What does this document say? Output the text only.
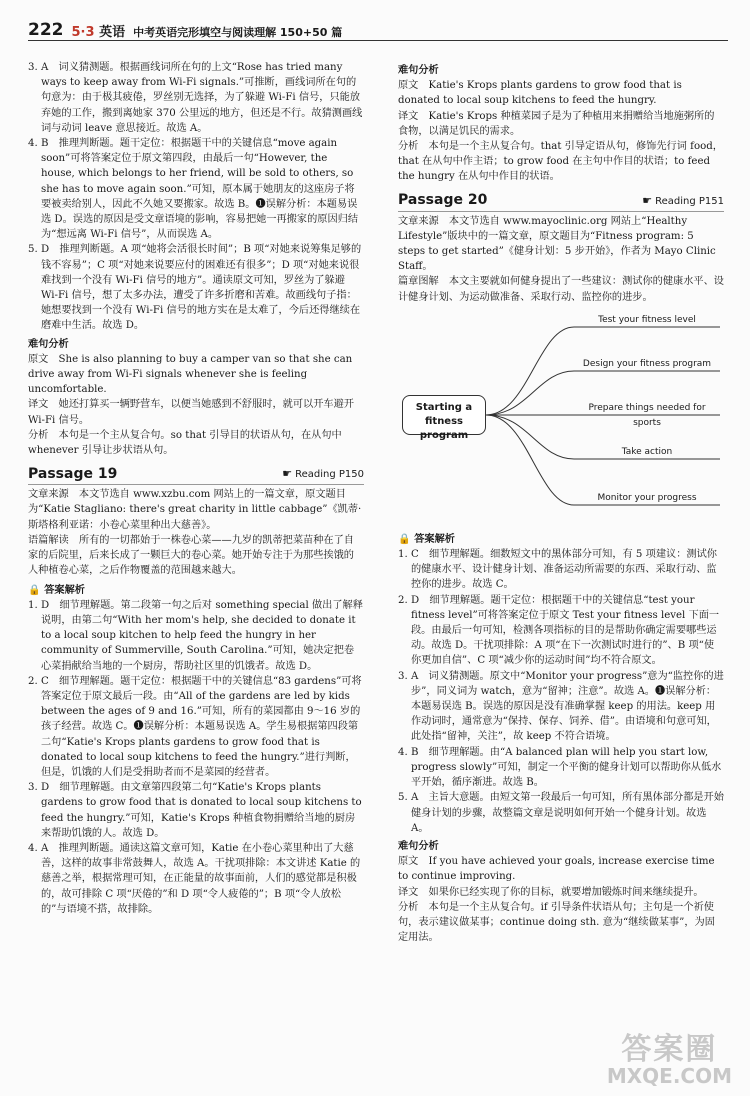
222 5·3 英语 中考英语完形填空与阅读理解 150+50 篇

3. A　词义猜测题。根据画线词所在句的上文“Rose has tried many ways to keep away from Wi-Fi signals.”可推断，画线词所在句的句意为：由于极其疲倦，罗丝别无选择，为了躲避 Wi-Fi 信号，只能放弃她的工作，搬到离她家 370 公里远的地方，但还是不行。故猜测画线词与动词 leave 意思接近。故选 A。

4. B　推理判断题。题干定位：根据题干中的关键信息“move again soon”可将答案定位于原文第四段，由最后一句“However, the house, which belongs to her friend, will be sold to others, so she has to move again soon.”可知，原本属于她朋友的这座房子将要被卖给别人，因此不久她又要搬家。故选 B。❶误解分析：本题易误选 D。误选的原因是受文章语境的影响，容易把她一再搬家的原因归结为“想远离 Wi-Fi 信号”，从而误选 A。

5. D　推理判断题。A 项“她将会活很长时间”；B 项“对她来说筹集足够的钱不容易”；C 项“对她来说要应付的困难还有很多”；D 项“对她来说很难找到一个没有 Wi-Fi 信号的地方”。通读原文可知，罗丝为了躲避 Wi-Fi 信号，想了太多办法，遭受了许多折磨和苦难。故画线句子指：她想要找到一个没有 Wi-Fi 信号的地方实在是太难了，今后还得继续在磨难中生活。故选 D。

难句分析

原文　She is also planning to buy a camper van so that she can drive away from Wi-Fi signals whenever she is feeling uncomfortable.

译文　她还打算买一辆野营车，以便当她感到不舒服时，就可以开车避开 Wi-Fi 信号。

分析　本句是一个主从复合句。so that 引导目的状语从句，在从句中 whenever 引导让步状语从句。

Passage 19	☛ Reading P150

文章来源　本文节选自 www.xzbu.com 网站上的一篇文章，原文题目为“Katie Stagliano: there's great charity in little cabbage”《凯蒂·斯塔格利亚诺：小卷心菜里种出大慈善》。

语篇解读　所有的一切都始于一株卷心菜——九岁的凯蒂把菜苗种在了自家的后院里，后来长成了一颗巨大的卷心菜。她开始专注于为那些挨饿的人种植卷心菜，之后作物覆盖的范围越来越大。

🔒 答案解析

1. D　细节理解题。第二段第一句之后对 something special 做出了解释说明，由第二句“With her mom's help, she decided to donate it to a local soup kitchen to help feed the hungry in her community of Summerville, South Carolina.”可知，她决定把卷心菜捐献给当地的一个厨房，帮助社区里的饥饿者。故选 D。

2. C　细节理解题。题干定位：根据题干中的关键信息“83 gardens”可将答案定位于原文最后一段。由“All of the gardens are led by kids between the ages of 9 and 16.”可知，所有的菜园都由 9～16 岁的孩子经营。故选 C。❶误解分析：本题易误选 A。学生易根据第四段第二句“Katie's Krops plants gardens to grow food that is donated to local soup kitchens to feed the hungry.”进行判断，但是，饥饿的人们是受捐助者而不是菜园的经营者。

3. D　细节理解题。由文章第四段第二句“Katie's Krops plants gardens to grow food that is donated to local soup kitchens to feed the hungry.”可知，Katie's Krops 种植食物捐赠给当地的厨房来帮助饥饿的人。故选 D。

4. A　推理判断题。通读这篇文章可知，Katie 在小卷心菜里种出了大慈善，这样的故事非常鼓舞人，故选 A。干扰项排除：本文讲述 Katie 的慈善之举，根据常理可知，在正能量的故事面前，人们的感觉都是积极的，故可排除 C 项“厌倦的”和 D 项“令人疲倦的”；B 项“令人放松的”与语境不搭，故排除。

难句分析

原文　Katie's Krops plants gardens to grow food that is donated to local soup kitchens to feed the hungry.

译文　Katie's Krops 种植菜园子是为了种植用来捐赠给当地施粥所的食物，以满足饥民的需求。

分析　本句是一个主从复合句。that 引导定语从句，修饰先行词 food，that 在从句中作主语；to grow food 在主句中作目的状语；to feed the hungry 在从句中作目的状语。

Passage 20	☛ Reading P151

文章来源　本文节选自 www.mayoclinic.org 网站上“Healthy Lifestyle”版块中的一篇文章，原文题目为“Fitness program: 5 steps to get started”《健身计划：5 步开始》，作者为 Mayo Clinic Staff。

篇章图解　本文主要就如何健身提出了一些建议：测试你的健康水平、设计健身计划、为运动做准备、采取行动、监控你的进步。

Starting a fitness program
Test your fitness level
Design your fitness program
Prepare things needed for sports
Take action
Monitor your progress

🔒 答案解析

1. C　细节理解题。细数短文中的黑体部分可知，有 5 项建议：测试你的健康水平、设计健身计划、准备运动所需要的东西、采取行动、监控你的进步。故选 C。

2. D　细节理解题。题干定位：根据题干中的关键信息“test your fitness level”可将答案定位于原文 Test your fitness level 下面一段。由最后一句可知，检测各项指标的目的是帮助你确定需要哪些运动。故选 D。干扰项排除：A 项“在下一次测试时进行的”、B 项“使你更加自信”、C 项“减少你的运动时间”均不符合原文。

3. A　词义猜测题。原文中“Monitor your progress”意为“监控你的进步”，同义词为 watch，意为“留神；注意”。故选 A。❶误解分析：本题易误选 B。误选的原因是没有准确掌握 keep 的用法。keep 用作动词时，通常意为“保持、保存、饲养、借”。由语境和句意可知，此处指“留神，关注”，故 keep 不符合语境。

4. B　细节理解题。由“A balanced plan will help you start low, progress slowly”可知，制定一个平衡的健身计划可以帮助你从低水平开始，循序渐进。故选 B。

5. A　主旨大意题。由短文第一段最后一句可知，所有黑体部分都是开始健身计划的步骤，故整篇文章是说明如何开始一个健身计划。故选 A。

难句分析

原文　If you have achieved your goals, increase exercise time to continue improving.

译文　如果你已经实现了你的目标，就要增加锻炼时间来继续提升。

分析　本句是一个主从复合句。if 引导条件状语从句；主句是一个祈使句，表示建议做某事；continue doing sth. 意为“继续做某事”，为固定用法。

答案圈
MXQE.COM
